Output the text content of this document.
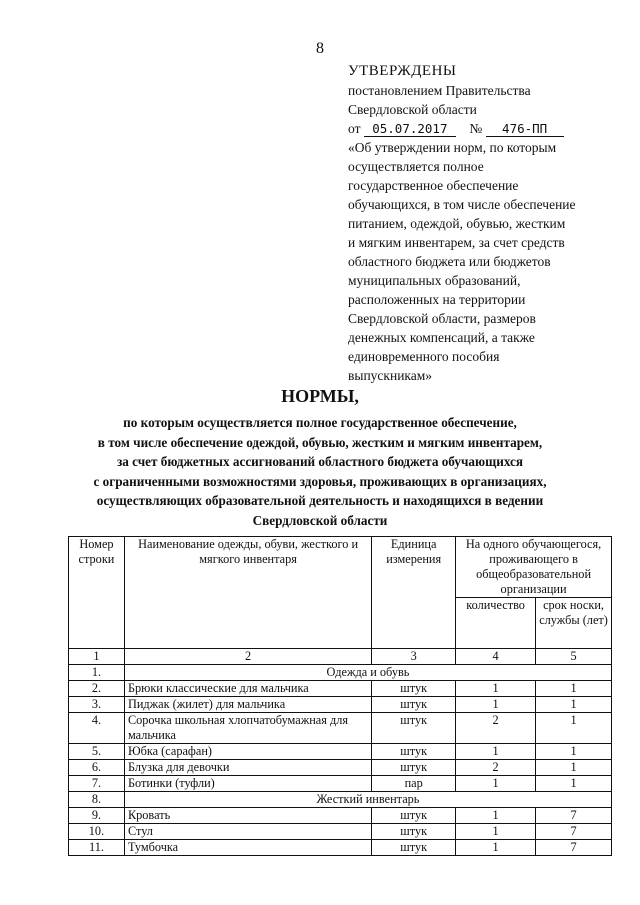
8
УТВЕРЖДЕНЫ
постановлением Правительства
Свердловской области
от 05.07.2017 № 476-ПП
«Об утверждении норм, по которым
осуществляется полное
государственное обеспечение
обучающихся, в том числе обеспечение
питанием, одеждой, обувью, жестким
и мягким инвентарем, за счет средств
областного бюджета или бюджетов
муниципальных образований,
расположенных на территории
Свердловской области, размеров
денежных компенсаций, а также
единовременного пособия
выпускникам»
НОРМЫ,
по которым осуществляется полное государственное обеспечение,
в том числе обеспечение одеждой, обувью, жестким и мягким инвентарем,
за счет бюджетных ассигнований областного бюджета обучающихся
с ограниченными возможностями здоровья, проживающих в организациях,
осуществляющих образовательной деятельность и находящихся в ведении
Свердловской области
Номер строки	Наименование одежды, обуви, жесткого и мягкого инвентаря	Единица измерения	На одного обучающегося, проживающего в общеобразовательной организации	
			количество	срок носки, службы (лет)
1	2	3	4	5
1.	Одежда и обувь			
2.	Брюки классические для мальчика	штук	1	1
3.	Пиджак (жилет) для мальчика	штук	1	1
4.	Сорочка школьная хлопчатобумажная для мальчика	штук	2	1
5.	Юбка (сарафан)	штук	1	1
6.	Блузка для девочки	штук	2	1
7.	Ботинки (туфли)	пар	1	1
8.	Жесткий инвентарь			
9.	Кровать	штук	1	7
10.	Стул	штук	1	7
11.	Тумбочка	штук	1	7
